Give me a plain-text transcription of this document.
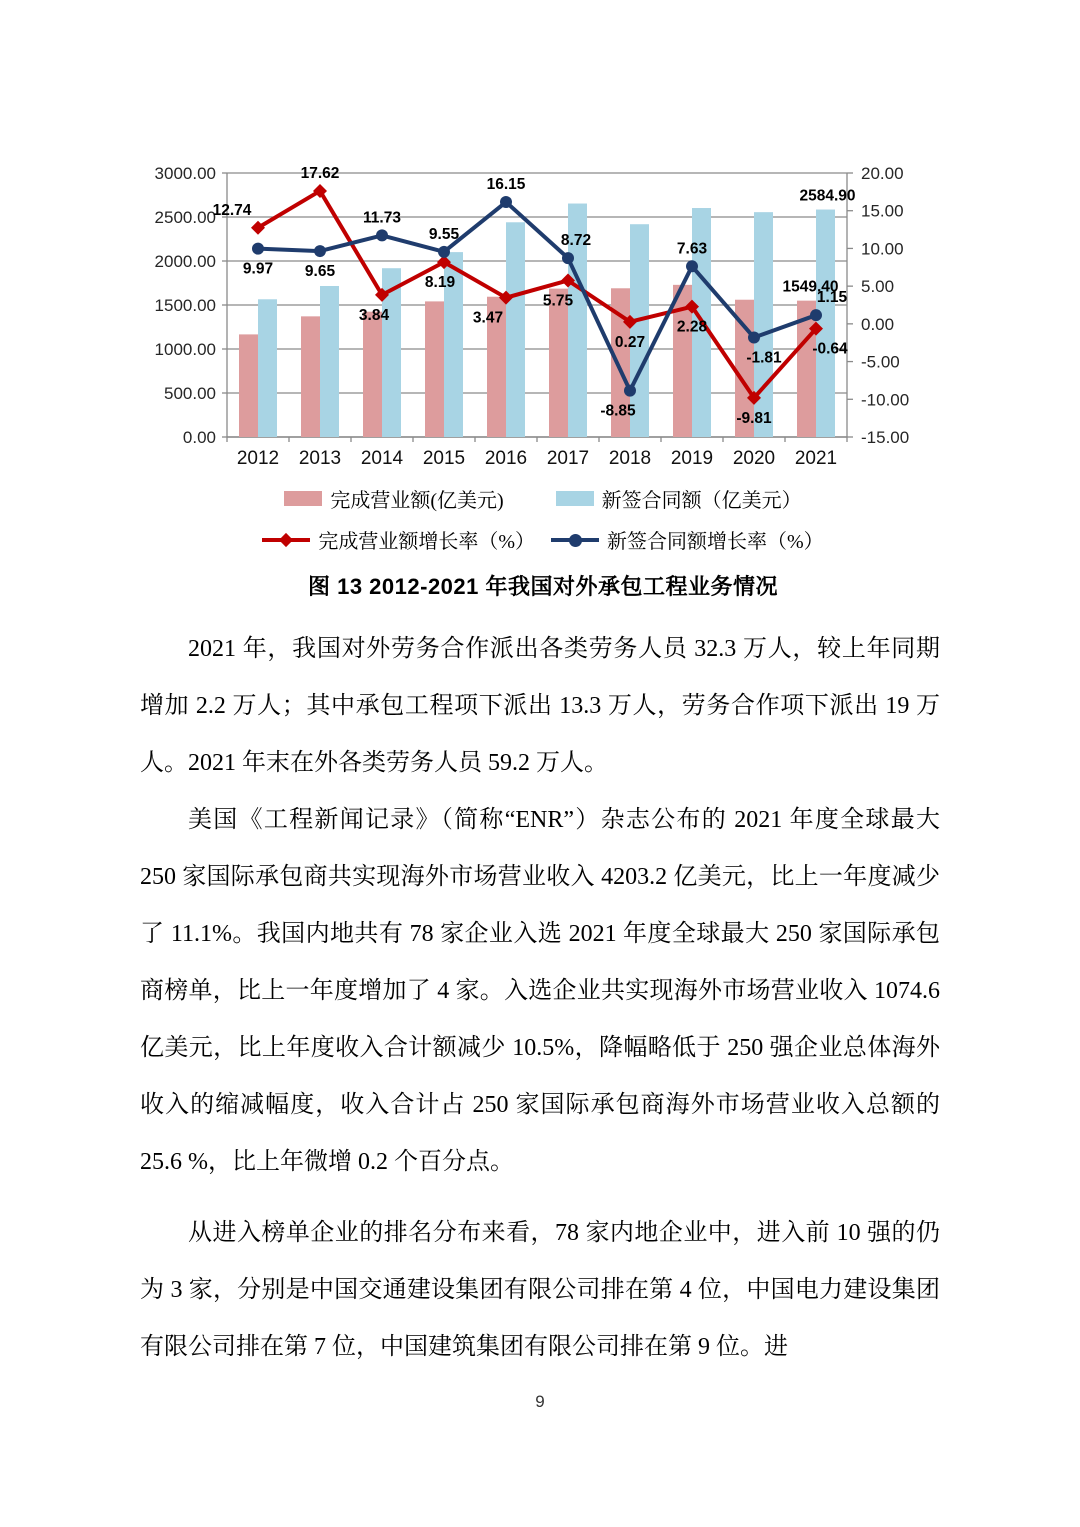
3000.00
2500.00
2000.00
1500.00
1000.00
500.00
0.00
20.00
15.00
10.00
5.00
0.00
-5.00
-10.00
-15.00
2012 2013 2014 2015 2016 2017 2018 2019 2020 2021
1549.40
2584.90
12.74
17.62
3.84
8.19
3.47
5.75
0.27
2.28
-9.81
-0.64
9.97 9.65
11.73
9.55
16.15
8.72
-8.85
7.63
-1.81
1.15
完成营业额(亿美元)	新签合同额（亿美元）
完成营业额增长率（%）	新签合同额增长率（%）
图 13 2012-2021 年我国对外承包工程业务情况

2021 年，我国对外劳务合作派出各类劳务人员 32.3 万人，较上年同期增加 2.2 万人；其中承包工程项下派出 13.3 万人，劳务合作项下派出 19 万人。2021 年末在外各类劳务人员 59.2 万人。

美国《工程新闻记录》（简称“ENR”）杂志公布的 2021 年度全球最大 250 家国际承包商共实现海外市场营业收入 4203.2 亿美元，比上一年度减少了 11.1%。我国内地共有 78 家企业入选 2021 年度全球最大 250 家国际承包商榜单，比上一年度增加了 4 家。入选企业共实现海外市场营业收入 1074.6 亿美元，比上年度收入合计额减少 10.5%，降幅略低于 250 强企业总体海外收入的缩减幅度，收入合计占 250 家国际承包商海外市场营业收入总额的 25.6 %，比上年微增 0.2 个百分点。

从进入榜单企业的排名分布来看，78 家内地企业中，进入前 10 强的仍为 3 家，分别是中国交通建设集团有限公司排在第 4 位，中国电力建设集团有限公司排在第 7 位，中国建筑集团有限公司排在第 9 位。进

9
